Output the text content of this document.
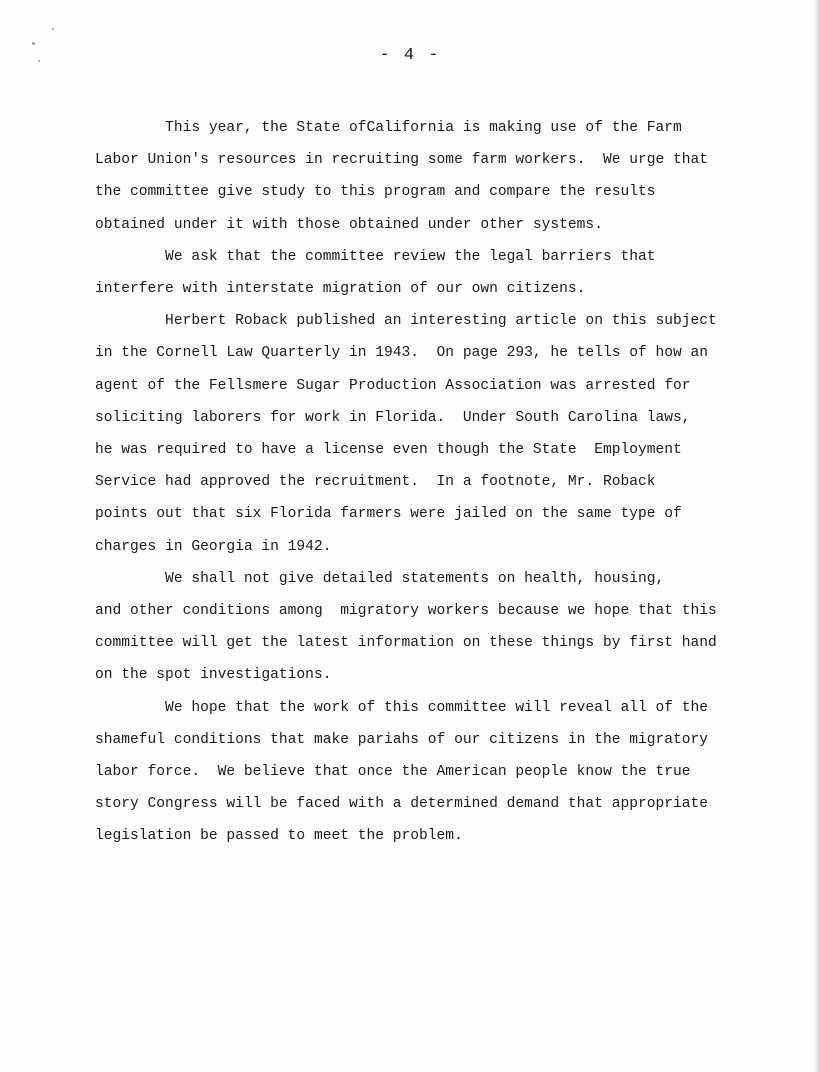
- 4 -
This year, the State ofCalifornia is making use of the Farm
Labor Union's resources in recruiting some farm workers.  We urge that
the committee give study to this program and compare the results
obtained under it with those obtained under other systems.
We ask that the committee review the legal barriers that
interfere with interstate migration of our own citizens.
Herbert Roback published an interesting article on this subject
in the Cornell Law Quarterly in 1943.  On page 293, he tells of how an
agent of the Fellsmere Sugar Production Association was arrested for
soliciting laborers for work in Florida.  Under South Carolina laws,
he was required to have a license even though the State  Employment
Service had approved the recruitment.  In a footnote, Mr. Roback
points out that six Florida farmers were jailed on the same type of
charges in Georgia in 1942.
We shall not give detailed statements on health, housing,
and other conditions among  migratory workers because we hope that this
committee will get the latest information on these things by first hand
on the spot investigations.
We hope that the work of this committee will reveal all of the
shameful conditions that make pariahs of our citizens in the migratory
labor force.  We believe that once the American people know the true
story Congress will be faced with a determined demand that appropriate
legislation be passed to meet the problem.
